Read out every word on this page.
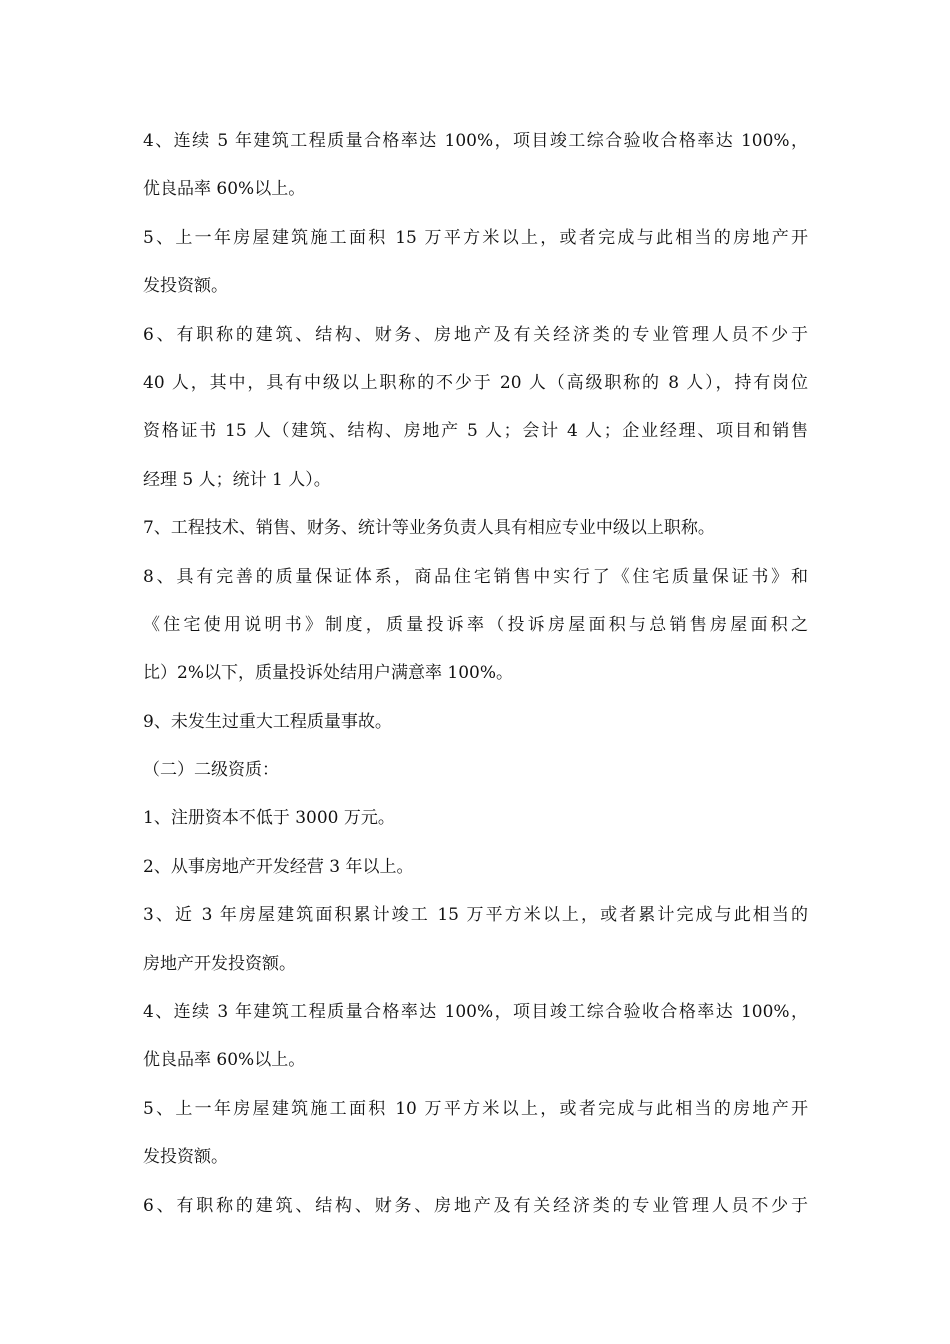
4、连续 5 年建筑工程质量合格率达 100%，项目竣工综合验收合格率达 100%，

优良品率 60%以上。

5、上一年房屋建筑施工面积 15 万平方米以上，或者完成与此相当的房地产开

发投资额。

6、有职称的建筑、结构、财务、房地产及有关经济类的专业管理人员不少于

40 人，其中，具有中级以上职称的不少于 20 人（高级职称的 8 人），持有岗位

资格证书 15 人（建筑、结构、房地产 5 人；会计 4 人；企业经理、项目和销售

经理 5 人；统计 1 人）。

7、工程技术、销售、财务、统计等业务负责人具有相应专业中级以上职称。

8、具有完善的质量保证体系，商品住宅销售中实行了《住宅质量保证书》和

《住宅使用说明书》制度，质量投诉率（投诉房屋面积与总销售房屋面积之

比）2%以下，质量投诉处结用户满意率 100%。

9、未发生过重大工程质量事故。

（二）二级资质：

1、注册资本不低于 3000 万元。

2、从事房地产开发经营 3 年以上。

3、近 3 年房屋建筑面积累计竣工 15 万平方米以上，或者累计完成与此相当的

房地产开发投资额。

4、连续 3 年建筑工程质量合格率达 100%，项目竣工综合验收合格率达 100%，

优良品率 60%以上。

5、上一年房屋建筑施工面积 10 万平方米以上，或者完成与此相当的房地产开

发投资额。

6、有职称的建筑、结构、财务、房地产及有关经济类的专业管理人员不少于
